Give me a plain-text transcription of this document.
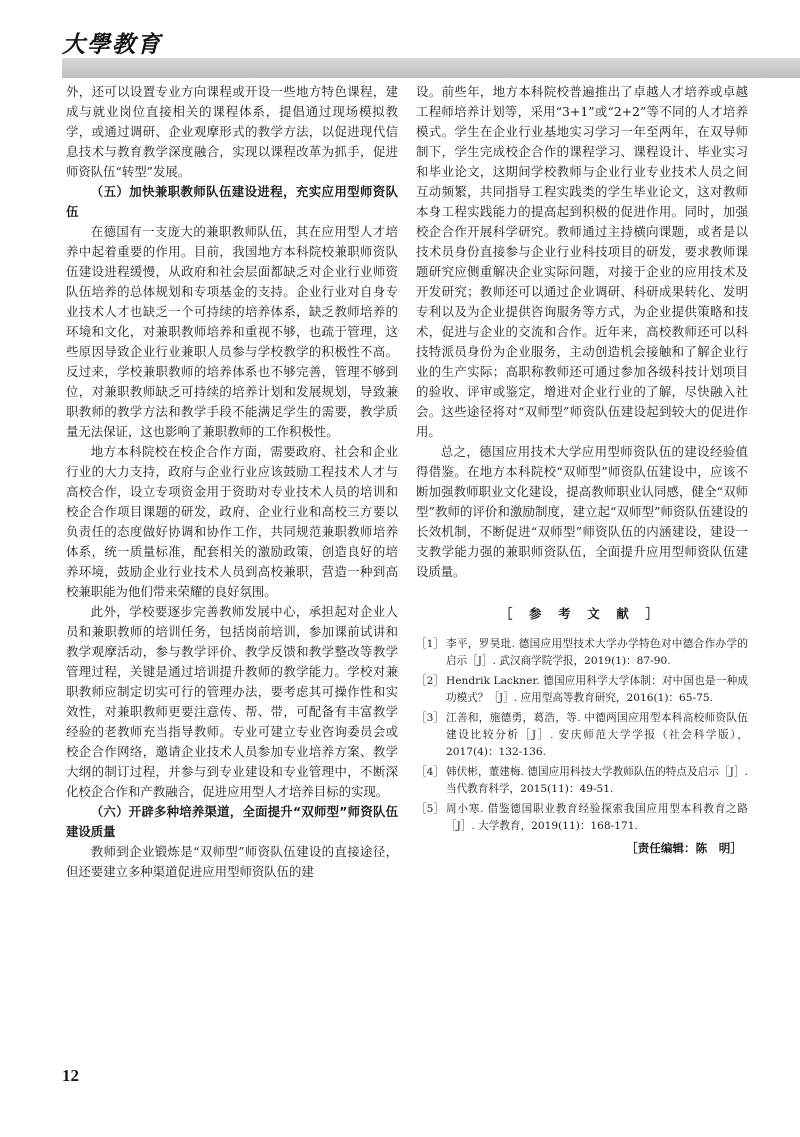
大學教育

外，还可以设置专业方向课程或开设一些地方特色课程，建成与就业岗位直接相关的课程体系，提倡通过现场模拟教学，或通过调研、企业观摩形式的教学方法，以促进现代信息技术与教育教学深度融合，实现以课程改革为抓手，促进师资队伍“转型”发展。

（五）加快兼职教师队伍建设进程，充实应用型师资队伍

在德国有一支庞大的兼职教师队伍，其在应用型人才培养中起着重要的作用。目前，我国地方本科院校兼职师资队伍建设进程缓慢，从政府和社会层面都缺乏对企业行业师资队伍培养的总体规划和专项基金的支持。企业行业对自身专业技术人才也缺乏一个可持续的培养体系，缺乏教师培养的环境和文化，对兼职教师培养和重视不够，也疏于管理，这些原因导致企业行业兼职人员参与学校教学的积极性不高。反过来，学校兼职教师的培养体系也不够完善，管理不够到位，对兼职教师缺乏可持续的培养计划和发展规划，导致兼职教师的教学方法和教学手段不能满足学生的需要，教学质量无法保证，这也影响了兼职教师的工作积极性。

地方本科院校在校企合作方面，需要政府、社会和企业行业的大力支持，政府与企业行业应该鼓励工程技术人才与高校合作，设立专项资金用于资助对专业技术人员的培训和校企合作项目课题的研发，政府、企业行业和高校三方要以负责任的态度做好协调和协作工作，共同规范兼职教师培养体系，统一质量标准，配套相关的激励政策，创造良好的培养环境，鼓励企业行业技术人员到高校兼职，营造一种到高校兼职能为他们带来荣耀的良好氛围。

此外，学校要逐步完善教师发展中心，承担起对企业人员和兼职教师的培训任务，包括岗前培训，参加课前试讲和教学观摩活动，参与教学评价、教学反馈和教学整改等教学管理过程，关键是通过培训提升教师的教学能力。学校对兼职教师应制定切实可行的管理办法，要考虑其可操作性和实效性，对兼职教师更要注意传、帮、带，可配备有丰富教学经验的老教师充当指导教师。专业可建立专业咨询委员会或校企合作网络，邀请企业技术人员参加专业培养方案、教学大纲的制订过程，并参与到专业建设和专业管理中，不断深化校企合作和产教融合，促进应用型人才培养目标的实现。

（六）开辟多种培养渠道，全面提升“双师型”师资队伍建设质量

教师到企业锻炼是“双师型”师资队伍建设的直接途径，但还要建立多种渠道促进应用型师资队伍的建

设。前些年，地方本科院校普遍推出了卓越人才培养或卓越工程师培养计划等，采用“3+1”或“2+2”等不同的人才培养模式。学生在企业行业基地实习学习一年至两年，在双导师制下，学生完成校企合作的课程学习、课程设计、毕业实习和毕业论文，这期间学校教师与企业行业专业技术人员之间互动频繁，共同指导工程实践类的学生毕业论文，这对教师本身工程实践能力的提高起到积极的促进作用。同时，加强校企合作开展科学研究。教师通过主持横向课题，或者是以技术员身份直接参与企业行业科技项目的研发，要求教师课题研究应侧重解决企业实际问题，对接于企业的应用技术及开发研究；教师还可以通过企业调研、科研成果转化、发明专利以及为企业提供咨询服务等方式，为企业提供策略和技术，促进与企业的交流和合作。近年来，高校教师还可以科技特派员身份为企业服务，主动创造机会接触和了解企业行业的生产实际；高职称教师还可通过参加各级科技计划项目的验收、评审或鉴定，增进对企业行业的了解，尽快融入社会。这些途径将对“双师型”师资队伍建设起到较大的促进作用。

总之，德国应用技术大学应用型师资队伍的建设经验值得借鉴。在地方本科院校“双师型”师资队伍建设中，应该不断加强教师职业文化建设，提高教师职业认同感，健全“双师型”教师的评价和激励制度，建立起“双师型”师资队伍建设的长效机制，不断促进“双师型”师资队伍的内涵建设，建设一支教学能力强的兼职师资队伍，全面提升应用型师资队伍建设质量。

［ 参 考 文 献 ］
［1］ 李平，罗昊玭. 德国应用型技术大学办学特色对中德合作办学的启示［J］. 武汉商学院学报，2019(1)：87-90.
［2］ Hendrik Lackner. 德国应用科学大学体制：对中国也是一种成功模式？［J］. 应用型高等教育研究，2016(1)：65-75.
［3］ 江善和，施德勇，葛浩，等. 中德两国应用型本科高校师资队伍建设比较分析［J］. 安庆师范大学学报（社会科学版），2017(4)：132-136.
［4］ 韩伏彬，董建梅. 德国应用科技大学教师队伍的特点及启示［J］. 当代教育科学，2015(11)：49-51.
［5］ 周小寒. 借鉴德国职业教育经验探索我国应用型本科教育之路［J］. 大学教育，2019(11)：168-171.
［责任编辑：陈　明］
12
